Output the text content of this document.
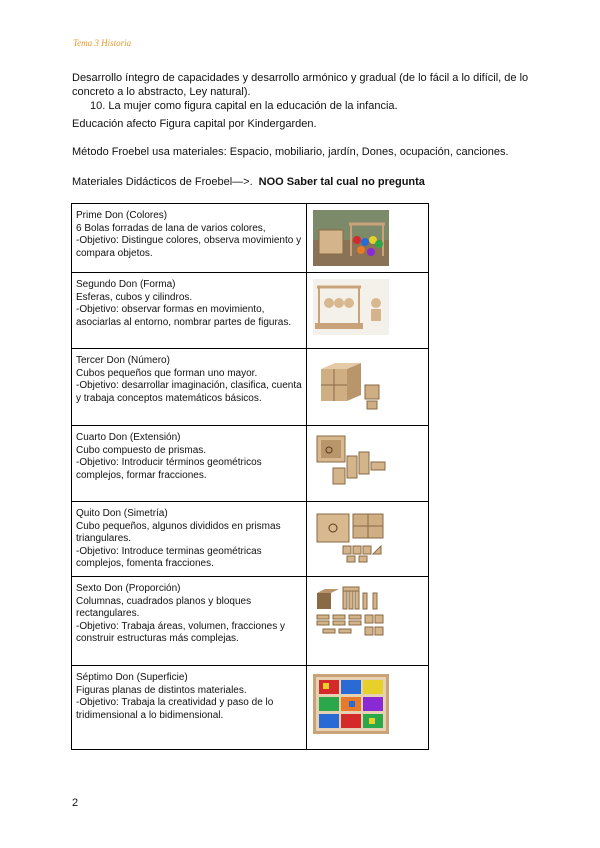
Tema 3 Historia
Desarrollo íntegro de capacidades y desarrollo armónico y gradual (de lo fácil a lo difícil, de lo concreto a lo abstracto, Ley natural).
10. La mujer como figura capital en la educación de la infancia.
Educación afecto Figura capital por Kindergarden.
Método Froebel usa materiales: Espacio, mobiliario, jardín, Dones, ocupación, canciones.
Materiales Didácticos de Froebel—>. NOO Saber tal cual no pregunta
Prime Don (Colores)
6 Bolas forradas de lana de varios colores,
-Objetivo: Distingue colores, observa movimiento y compara objetos.

Segundo Don (Forma)
Esferas, cubos y cilindros.
-Objetivo: observar formas en movimiento, asociarlas al entorno, nombrar partes de figuras.

Tercer Don (Número)
Cubos pequeños que forman uno mayor.
-Objetivo: desarrollar imaginación, clasifica, cuenta y trabaja conceptos matemáticos básicos.

Cuarto Don (Extensión)
Cubo compuesto de prismas.
-Objetivo: Introducir términos geométricos complejos, formar fracciones.

Quito Don (Simetría)
Cubo pequeños, algunos divididos en prismas triangulares.
-Objetivo: Introduce terminas geométricas complejos, fomenta fracciones.

Sexto Don (Proporción)
Columnas, cuadrados planos y bloques rectangulares.
-Objetivo: Trabaja áreas, volumen, fracciones y construir estructuras más complejas.

Séptimo Don (Superficie)
Figuras planas de distintos materiales.
-Objetivo: Trabaja la creatividad y paso de lo tridimensional a lo bidimensional.

2
